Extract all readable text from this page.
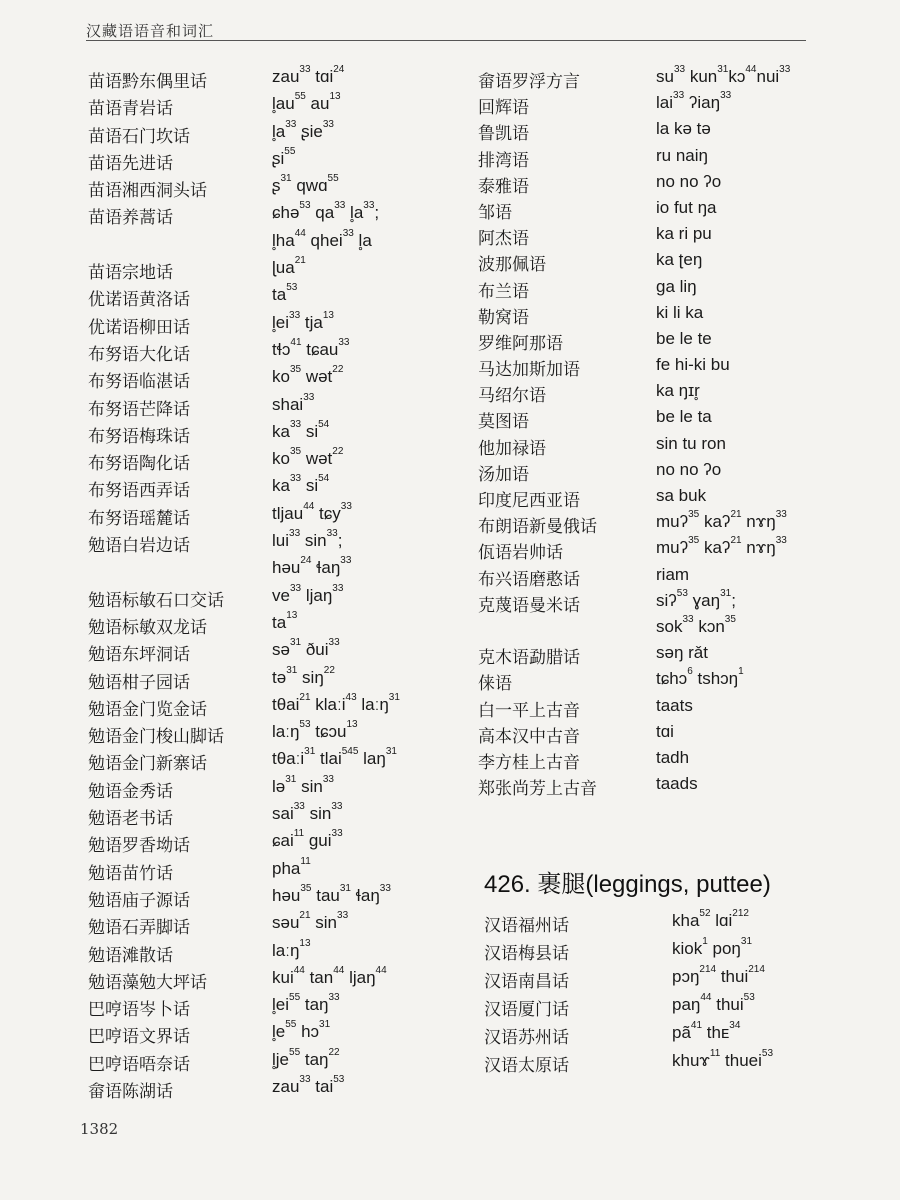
汉藏语语音和词汇
苗语黔东偶里话	zau$^{33}$ tɑi$^{24}$
苗语青岩话	$l̥au^{55}$ $au^{13}$
苗语石门坎话	$l̥a^{33}$ ʂie$^{33}$
苗语先进话	ʂi$^{55}$
苗语湘西洞头话	ʂ$^{31}$ qwɑ$^{55}$
苗语养蒿话	ɕhə$^{53}$ $qa^{33}$ $l̥a^{33}$;
$l̥ha^{44}$ qhei$^{33}$ l̥a
苗语宗地话	ɭua$^{21}$
优诺语黄洛话	$ta^{53}$
优诺语柳田话	$l̥ei^{33}$ tja$^{13}$
布努语大化话	tɬɔ$^{41}$ tɕau$^{33}$
布努语临湛话	$ko^{35}$ wət$^{22}$
布努语芒降话	shai$^{33}$
布努语梅珠话	$ka^{33}$ $si^{54}$
布努语陶化话	$ko^{35}$ wət$^{22}$
布努语西弄话	$ka^{33}$ $si^{54}$
布努语瑶麓话	tljau$^{44}$ tɕy$^{33}$
勉语白岩边话	lui$^{33}$ $\sin^{33}$;
həu$^{24}$ ɬaŋ$^{33}$
勉语标敏石口交话	$ve^{33}$ ljaŋ$^{33}$
勉语标敏双龙话	$ta^{13}$
勉语东坪洞话	sə$^{31}$ ðui$^{33}$
勉语柑子园话	tə$^{31}$ siŋ$^{22}$
勉语金门览金话	tθai$^{21}$ klaːi$^{43}$ laːŋ$^{31}$
勉语金门梭山脚话	laːŋ$^{53}$ tɕɔu$^{13}$
勉语金门新寨话	tθaːi$^{31}$ tlai$^{545}$ laŋ$^{31}$
勉语金秀话	lə$^{31}$ $\sin^{33}$
勉语老书话	sai$^{33}$ $\sin^{33}$
勉语罗香坳话	ɕai$^{11}$ gui$^{33}$
勉语苗竹话	pha$^{11}$
勉语庙子源话	həu$^{35}$ tau$^{31}$ ɬaŋ$^{33}$
勉语石弄脚话	səu$^{21}$ $\sin^{33}$
勉语滩散话	laːŋ$^{13}$
勉语藻勉大坪话	kui$^{44}$ $\tan^{44}$ ljaŋ$^{44}$
巴哼语岑卜话	$l̥ei^{55}$ taŋ$^{33}$
巴哼语文界话	$l̥e^{55}$ hɔ$^{31}$
巴哼语唔奈话	$l̥je^{55}$ taŋ$^{22}$
畲语陈湖话	zau$^{33}$ tai$^{53}$
畲语罗浮方言	$su^{33}$ kun$^{31}$kɔ$^{44}$nui$^{33}$
回辉语	lai$^{33}$ ʔiaŋ$^{33}$
鲁凯语	la kə tə
排湾语	ru naiŋ
泰雅语	no no ʔo
邹语	io fut ŋa
阿杰语	ka ri pu
波那佩语	ka ʈeŋ
布兰语	ga liŋ
勒窝语	ki li ka
罗维阿那语	be le te
马达加斯加语	fe hi-ki bu
马绍尔语	ka ŋɪr̥
莫图语	be le ta
他加禄语	sin tu ron
汤加语	no no ʔo
印度尼西亚语	sa buk
布朗语新曼俄话	muʔ$^{35}$ kaʔ$^{21}$ nɤŋ$^{33}$
佤语岩帅话	muʔ$^{35}$ kaʔ$^{21}$ nɤŋ$^{33}$
布兴语磨憨话	riam
克蔑语曼米话	siʔ$^{53}$ ɣaŋ$^{31}$;
sok$^{33}$ kɔn$^{35}$
克木语勐腊话	səŋ rǎt
俫语	tɕhɔ$^6$ tshɔŋ$^1$
白一平上古音	taats
高本汉中古音	tɑi
李方桂上古音	tadh
郑张尚芳上古音	taads
426. 裹腿(leggings, puttee)
汉语福州话	kha$^{52}$ lɑi$^{212}$
汉语梅县话	kiok$^1$ poŋ$^{31}$
汉语南昌话	pɔŋ$^{214}$ thui$^{214}$
汉语厦门话	paŋ$^{44}$ thui$^{53}$
汉语苏州话	$pã^{41}$ thᴇ$^{34}$
汉语太原话	khuɤ$^{11}$ thuei$^{53}$
1382
